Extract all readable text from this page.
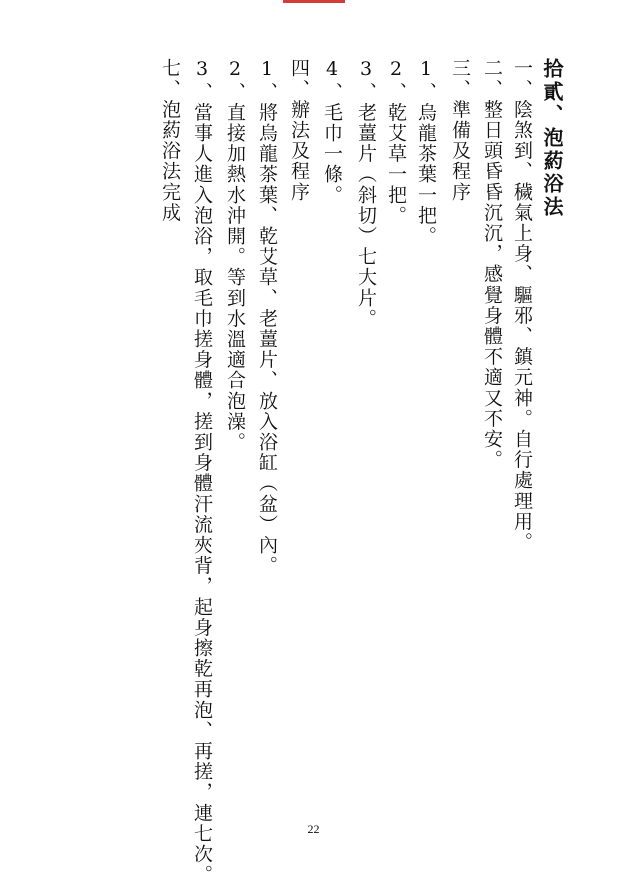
拾貳、泡葯浴法
一、陰煞到、穢氣上身、驅邪、鎮元神。自行處理用。
二、整日頭昏昏沉沉，感覺身體不適又不安。
三、準備及程序
1、烏龍茶葉一把。
2、乾艾草一把。
3、老薑片（斜切）七大片。
4、毛巾一條。
四、辦法及程序
1、將烏龍茶葉、乾艾草、老薑片、放入浴缸（盆）內。
2、直接加熱水沖開。等到水溫適合泡澡。
3、當事人進入泡浴，取毛巾搓身體，搓到身體汗流夾背，起身擦乾再泡、再搓，連七次。
七、泡葯浴法完成
22
